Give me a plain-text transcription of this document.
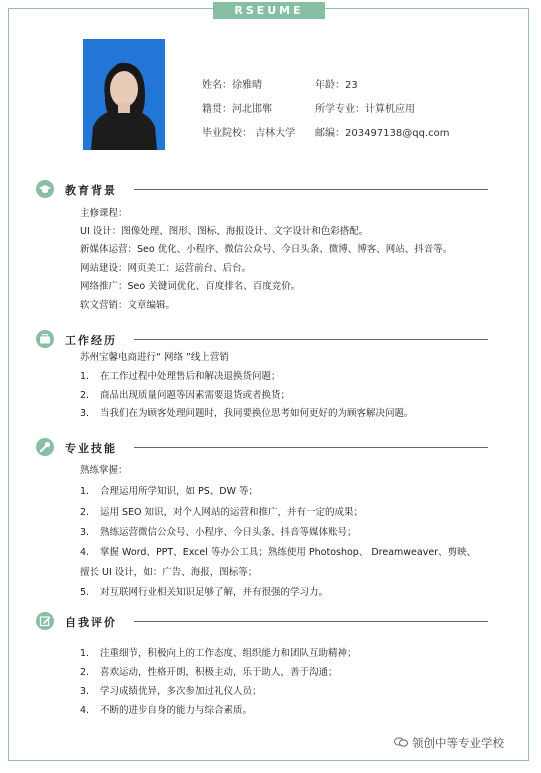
RSEUME
姓名：徐雅晴	年龄：23
籍贯：河北邯郸	所学专业：计算机应用
毕业院校： 吉林大学 邮编：203497138@qq.com
教育背景
主修课程：
UI 设计：图像处理、图形、图标、海报设计、文字设计和色彩搭配。
新媒体运营：Seo 优化、小程序、微信公众号、今日头条、微博、博客、网站、抖音等。
网站建设：网页美工：运营前台、后台。
网络推广：Seo 关键词优化、百度排名、百度竞价。
软文营销：文章编辑。
工作经历
苏州宝馨电商进行“ 网络 ”线上营销
1. 在工作过程中处理售后和解决退换货问题；
2. 商品出现质量问题等因素需要退货或者换货；
3. 当我们在为顾客处理问题时，我同要换位思考如何更好的为顾客解决问题。
专业技能
熟练掌握：
1. 合理运用所学知识，如 PS、DW 等；
2. 运用 SEO 知识，对个人网站的运营和推广，并有一定的成果；
3. 熟练运营微信公众号、小程序、今日头条、抖音等媒体账号；
4. 掌握 Word、PPT、Excel 等办公工具；熟练使用 Photoshop、 Dreamweaver、剪映、
擅长 UI 设计，如：广告、海报，图标等；
5. 对互联网行业相关知识足够了解，并有很强的学习力。
自我评价
1. 注重细节，积极向上的工作态度、组织能力和团队互助精神；
2. 喜欢运动，性格开朗，积极主动，乐于助人，善于沟通；
3. 学习成绩优异，多次参加过礼仪人员；
4. 不断的进步自身的能力与综合素质。
领创中等专业学校
